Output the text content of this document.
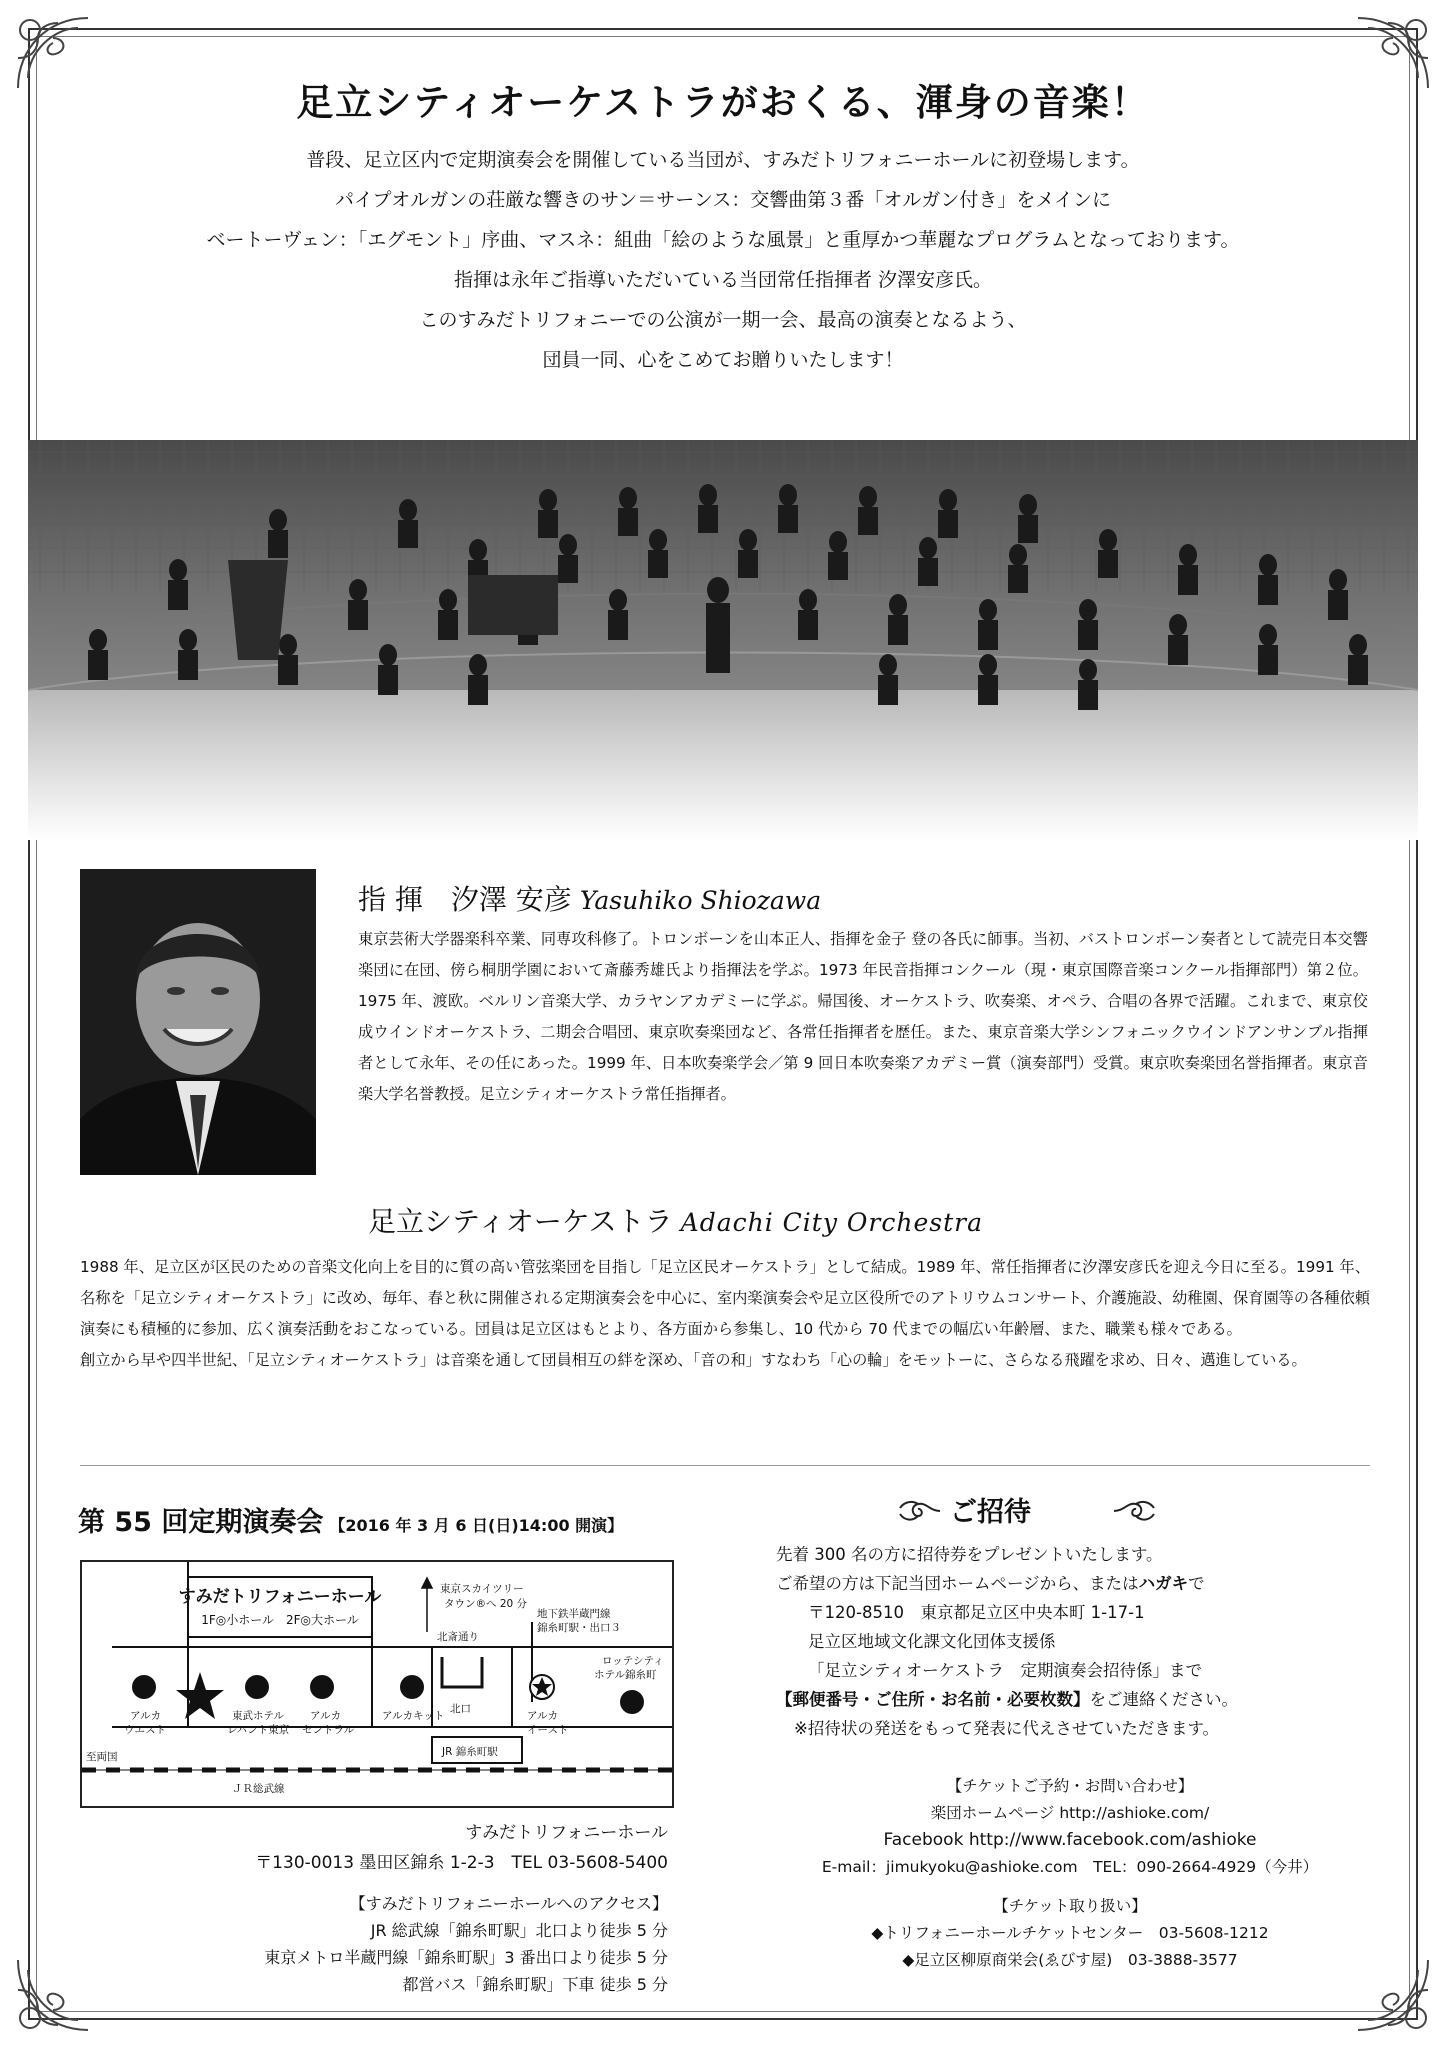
足立シティオーケストラがおくる、渾身の音楽！
普段、足立区内で定期演奏会を開催している当団が、すみだトリフォニーホールに初登場します。
パイプオルガンの荘厳な響きのサン＝サーンス：交響曲第３番「オルガン付き」をメインに
ベートーヴェン：「エグモント」序曲、マスネ：組曲「絵のような風景」と重厚かつ華麗なプログラムとなっております。
指揮は永年ご指導いただいている当団常任指揮者 汐澤安彦氏。
このすみだトリフォニーでの公演が一期一会、最高の演奏となるよう、
団員一同、心をこめてお贈りいたします！
指 揮　汐澤 安彦 Yasuhiko Shiozawa
東京芸術大学器楽科卒業、同専攻科修了。トロンボーンを山本正人、指揮を金子 登の各氏に師事。当初、バストロンボーン奏者として読売日本交響楽団に在団、傍ら桐朋学園において斎藤秀雄氏より指揮法を学ぶ。1973 年民音指揮コンクール（現・東京国際音楽コンクール指揮部門）第２位。1975 年、渡欧。ベルリン音楽大学、カラヤンアカデミーに学ぶ。帰国後、オーケストラ、吹奏楽、オペラ、合唱の各界で活躍。これまで、東京佼成ウインドオーケストラ、二期会合唱団、東京吹奏楽団など、各常任指揮者を歴任。また、東京音楽大学シンフォニックウインドアンサンブル指揮者として永年、その任にあった。1999 年、日本吹奏楽学会／第 9 回日本吹奏楽アカデミー賞（演奏部門）受賞。東京吹奏楽団名誉指揮者。東京音楽大学名誉教授。足立シティオーケストラ常任指揮者。
足立シティオーケストラ Adachi City Orchestra
1988 年、足立区が区民のための音楽文化向上を目的に質の高い管弦楽団を目指し「足立区民オーケストラ」として結成。1989 年、常任指揮者に汐澤安彦氏を迎え今日に至る。1991 年、名称を「足立シティオーケストラ」に改め、毎年、春と秋に開催される定期演奏会を中心に、室内楽演奏会や足立区役所でのアトリウムコンサート、介護施設、幼稚園、保育園等の各種依頼演奏にも積極的に参加、広く演奏活動をおこなっている。団員は足立区はもとより、各方面から参集し、10 代から 70 代までの幅広い年齢層、また、職業も様々である。
創立から早や四半世紀、「足立シティオーケストラ」は音楽を通して団員相互の絆を深め、「音の和」すなわち「心の輪」をモットーに、さらなる飛躍を求め、日々、邁進している。
第 55 回定期演奏会 【2016 年 3 月 6 日(日)14:00 開演】
すみだトリフォニーホール
1F◎小ホール　2F◎大ホール
東京スカイツリー
タウン®へ 20 分
北斎通り
地下鉄半蔵門線
錦糸町駅・出口３
ロッテシティ
ホテル錦糸町
アルカ
ウエスト
東武ホテル
レバント東京
アルカ
セントラル
アルカキット	アルカ
イースト
北口
JR 錦糸町駅
至両国
ＪＲ総武線
すみだトリフォニーホール
〒130-0013 墨田区錦糸 1-2-3　TEL 03-5608-5400
【すみだトリフォニーホールへのアクセス】
JR 総武線「錦糸町駅」北口より徒歩 5 分
東京メトロ半蔵門線「錦糸町駅」3 番出口より徒歩 5 分
都営バス「錦糸町駅」下車 徒歩 5 分
ご招待
先着 300 名の方に招待券をプレゼントいたします。
ご希望の方は下記当団ホームページから、またはハガキで
〒120-8510　東京都足立区中央本町 1-17-1
足立区地域文化課文化団体支援係
「足立シティオーケストラ　定期演奏会招待係」まで
【郵便番号・ご住所・お名前・必要枚数】をご連絡ください。
※招待状の発送をもって発表に代えさせていただきます。
【チケットご予約・お問い合わせ】
楽団ホームページ http://ashioke.com/
Facebook http://www.facebook.com/ashioke
E-mail：jimukyoku@ashioke.com　TEL：090-2664-4929（今井）
【チケット取り扱い】
◆トリフォニーホールチケットセンター　03-5608-1212
◆足立区柳原商栄会(ゑびす屋)　03-3888-3577
